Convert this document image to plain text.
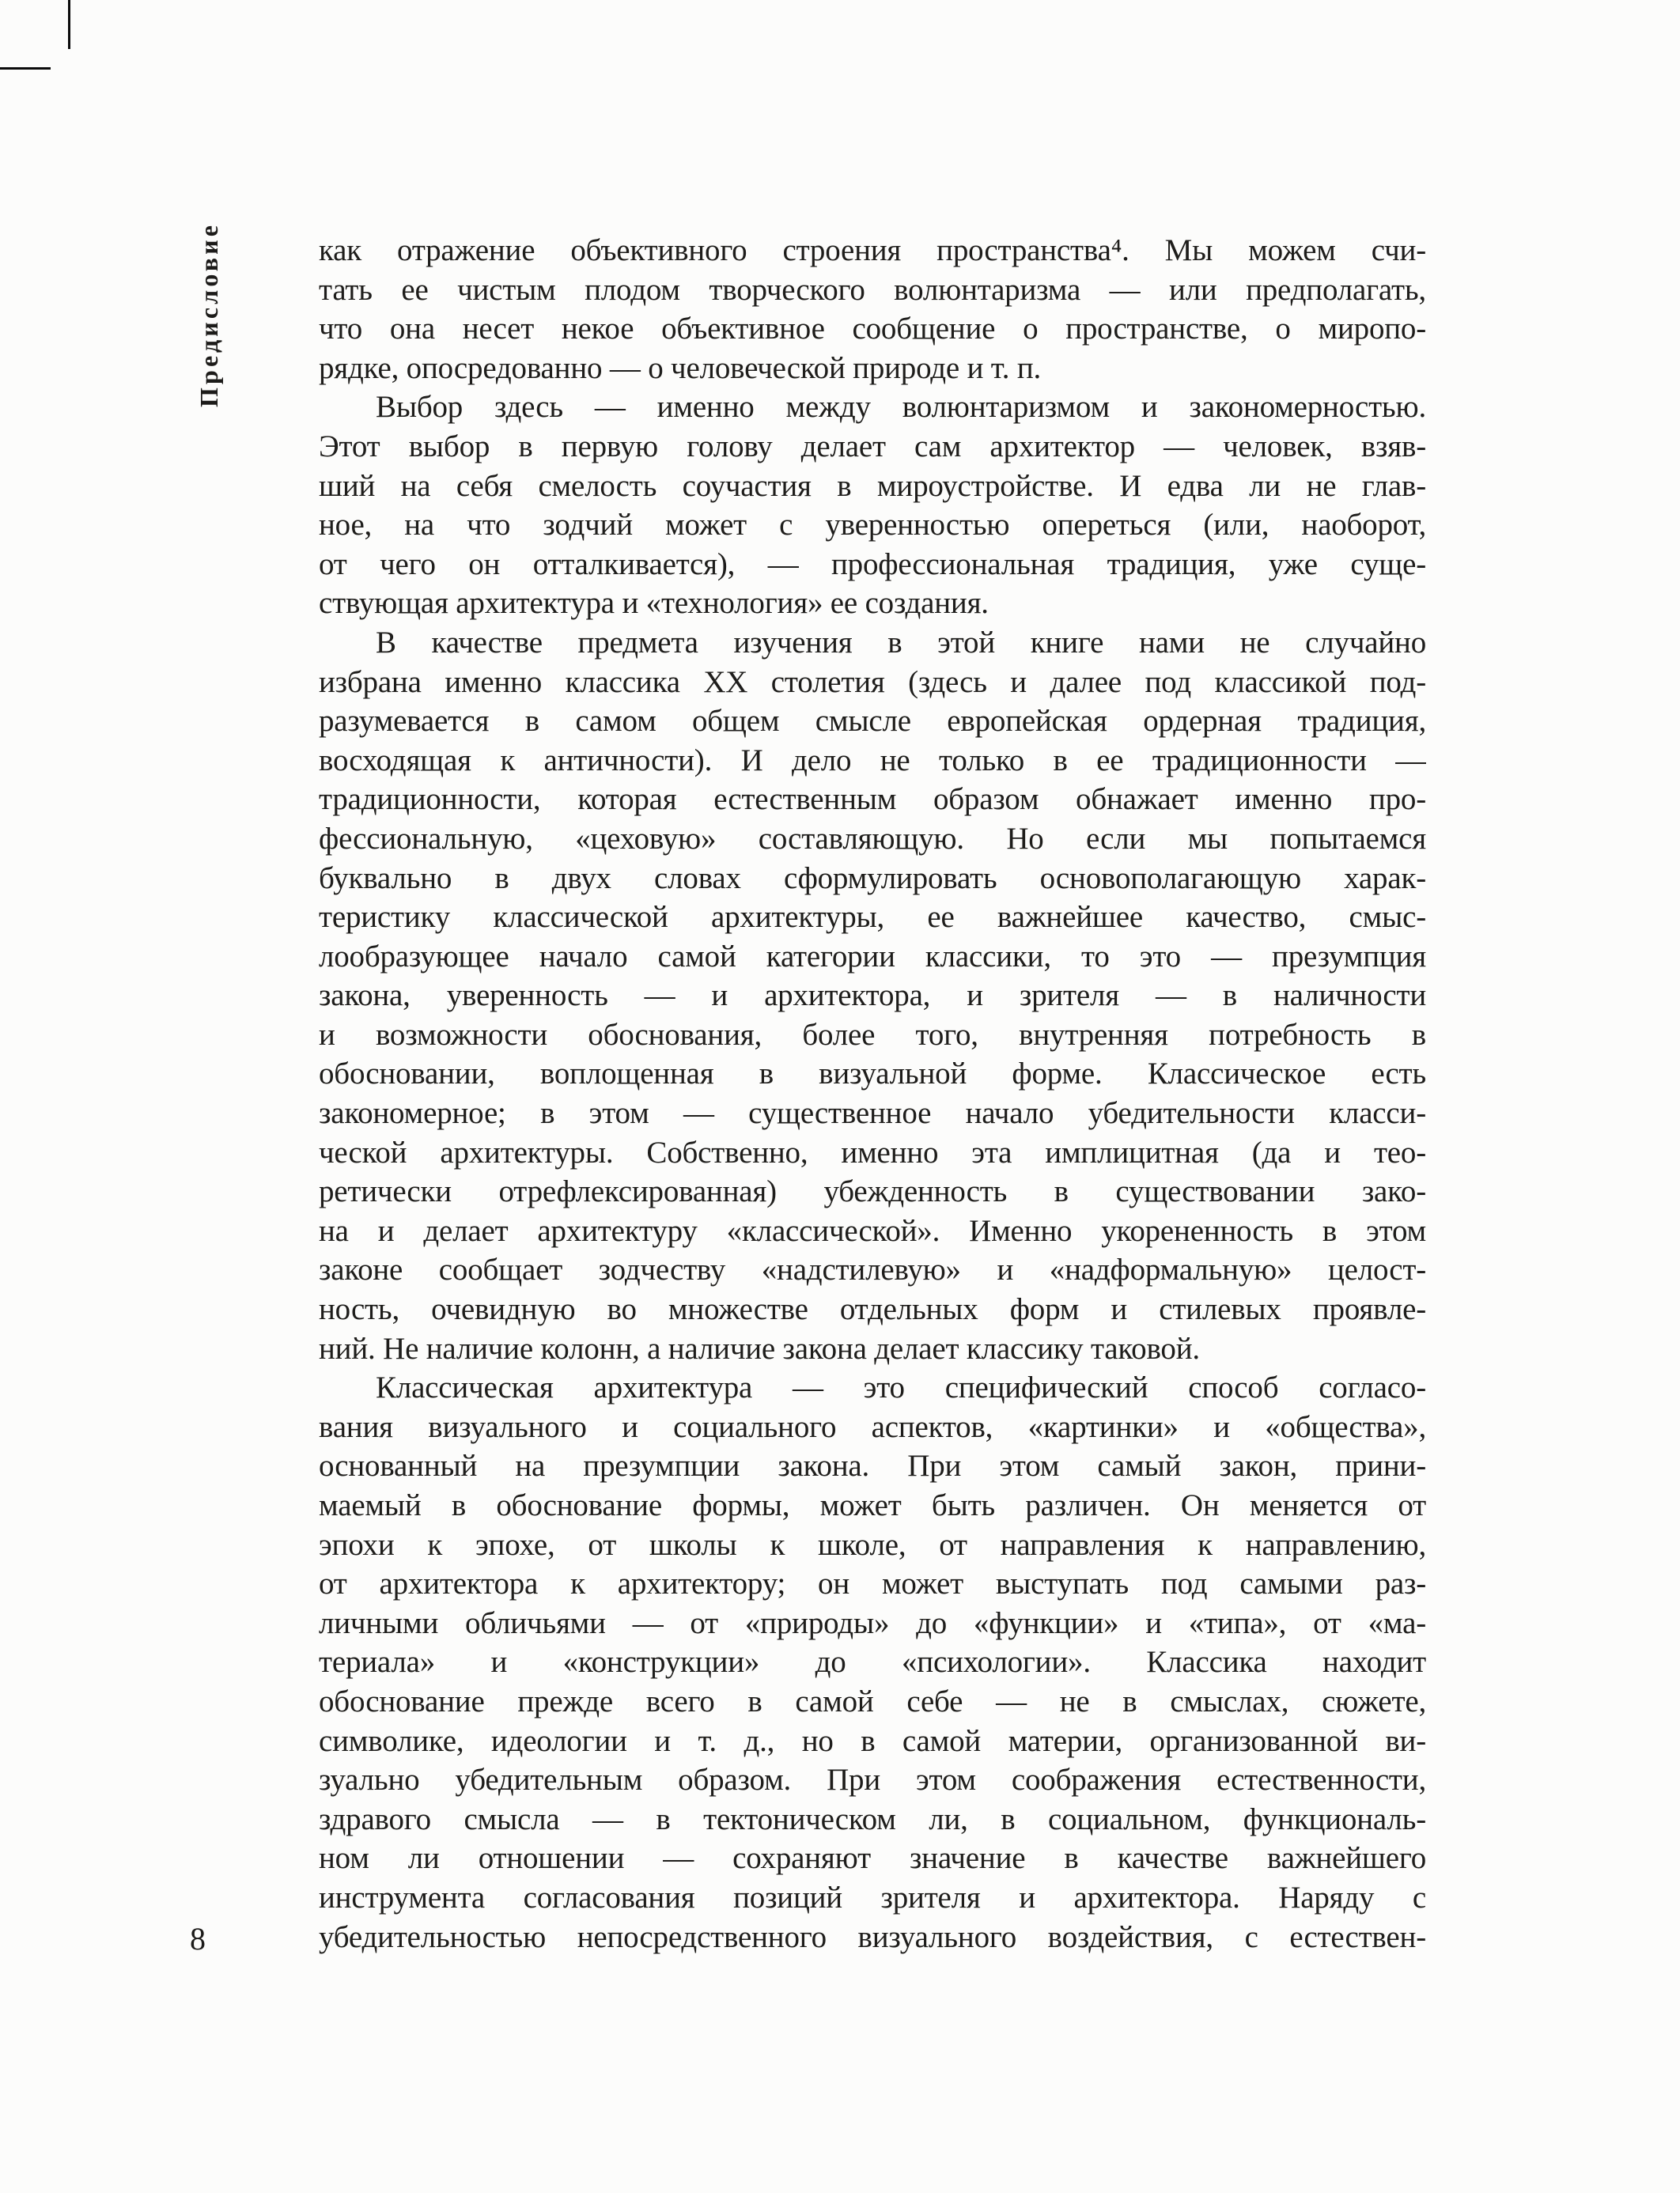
Предисловие
8
как отражение объективного строения пространства⁴. Мы можем счи-
тать ее чистым плодом творческого волюнтаризма — или предполагать,
что она несет некое объективное сообщение о пространстве, о миропо-
рядке, опосредованно — о человеческой природе и т. п.
Выбор здесь — именно между волюнтаризмом и закономерностью.
Этот выбор в первую голову делает сам архитектор — человек, взяв-
ший на себя смелость соучастия в мироустройстве. И едва ли не глав-
ное, на что зодчий может с уверенностью опереться (или, наоборот,
от чего он отталкивается), — профессиональная традиция, уже суще-
ствующая архитектура и «технология» ее создания.
В качестве предмета изучения в этой книге нами не случайно
избрана именно классика XX столетия (здесь и далее под классикой под-
разумевается в самом общем смысле европейская ордерная традиция,
восходящая к античности). И дело не только в ее традиционности —
традиционности, которая естественным образом обнажает именно про-
фессиональную, «цеховую» составляющую. Но если мы попытаемся
буквально в двух словах сформулировать основополагающую харак-
теристику классической архитектуры, ее важнейшее качество, смыс-
лообразующее начало самой категории классики, то это — презумпция
закона, уверенность — и архитектора, и зрителя — в наличности
и возможности обоснования, более того, внутренняя потребность в
обосновании, воплощенная в визуальной форме. Классическое есть
закономерное; в этом — существенное начало убедительности класси-
ческой архитектуры. Собственно, именно эта имплицитная (да и тео-
ретически отрефлексированная) убежденность в существовании зако-
на и делает архитектуру «классической». Именно укорененность в этом
законе сообщает зодчеству «надстилевую» и «надформальную» целост-
ность, очевидную во множестве отдельных форм и стилевых проявле-
ний. Не наличие колонн, а наличие закона делает классику таковой.
Классическая архитектура — это специфический способ согласо-
вания визуального и социального аспектов, «картинки» и «общества»,
основанный на презумпции закона. При этом самый закон, прини-
маемый в обоснование формы, может быть различен. Он меняется от
эпохи к эпохе, от школы к школе, от направления к направлению,
от архитектора к архитектору; он может выступать под самыми раз-
личными обличьями — от «природы» до «функции» и «типа», от «ма-
териала» и «конструкции» до «психологии». Классика находит
обоснование прежде всего в самой себе — не в смыслах, сюжете,
символике, идеологии и т. д., но в самой материи, организованной ви-
зуально убедительным образом. При этом соображения естественности,
здравого смысла — в тектоническом ли, в социальном, функциональ-
ном ли отношении — сохраняют значение в качестве важнейшего
инструмента согласования позиций зрителя и архитектора. Наряду с
убедительностью непосредственного визуального воздействия, с естествен-
